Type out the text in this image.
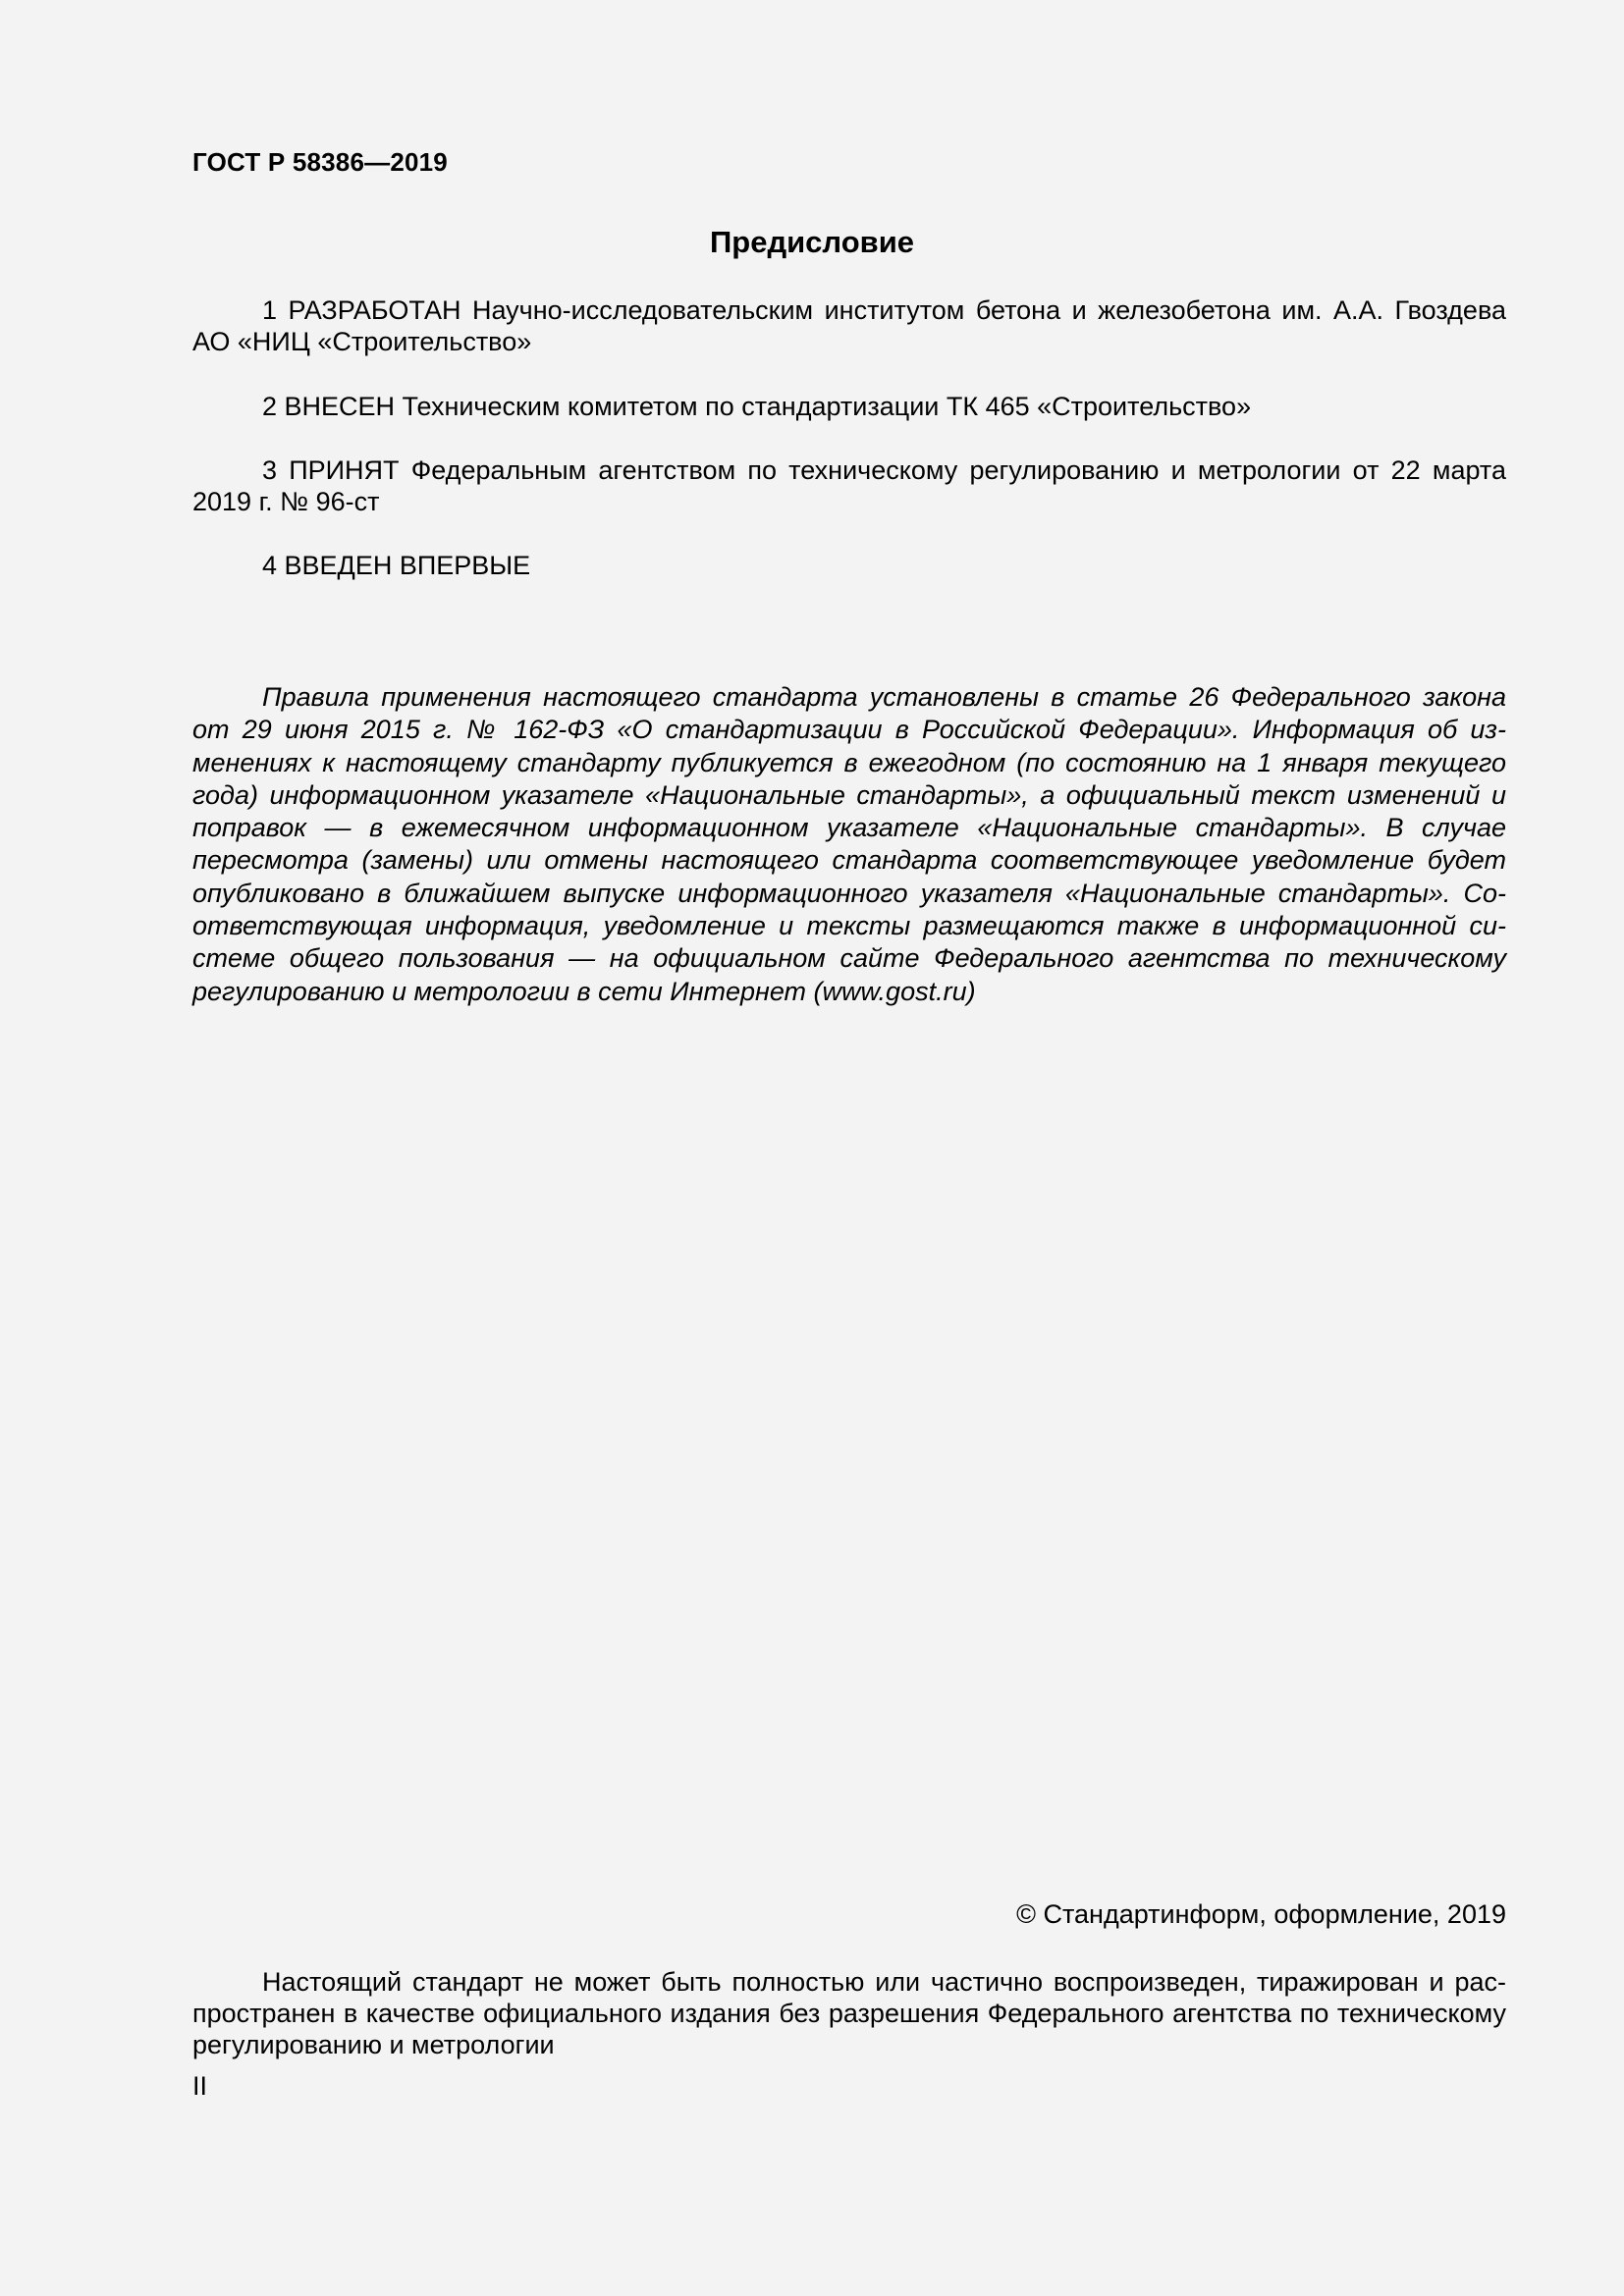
ГОСТ Р 58386—2019
Предисловие

1 РАЗРАБОТАН Научно-исследовательским институтом бетона и железобетона им. А.А. Гвоздева АО «НИЦ «Строительство»

2 ВНЕСЕН Техническим комитетом по стандартизации ТК 465 «Строительство»

3 ПРИНЯТ Федеральным агентством по техническому регулированию и метрологии от 22 марта 2019 г. № 96-ст

4 ВВЕДЕН ВПЕРВЫЕ

Правила применения настоящего стандарта установлены в статье 26 Федерального закона от 29 июня 2015 г. № 162-ФЗ «О стандартизации в Российской Федерации». Информация об изменениях к настоящему стандарту публикуется в ежегодном (по состоянию на 1 января текущего года) информационном указателе «Национальные стандарты», а официальный текст изменений и поправок — в ежемесячном информационном указателе «Национальные стандарты». В случае пересмотра (замены) или отмены настоящего стандарта соответствующее уведомление будет опубликовано в ближайшем выпуске информационного указателя «Национальные стандарты». Соответствующая информация, уведомление и тексты размещаются также в информационной системе общего пользования — на официальном сайте Федерального агентства по техническому регулированию и метрологии в сети Интернет (www.gost.ru)

© Стандартинформ, оформление, 2019

Настоящий стандарт не может быть полностью или частично воспроизведен, тиражирован и распространен в качестве официального издания без разрешения Федерального агентства по техническому регулированию и метрологии

II
